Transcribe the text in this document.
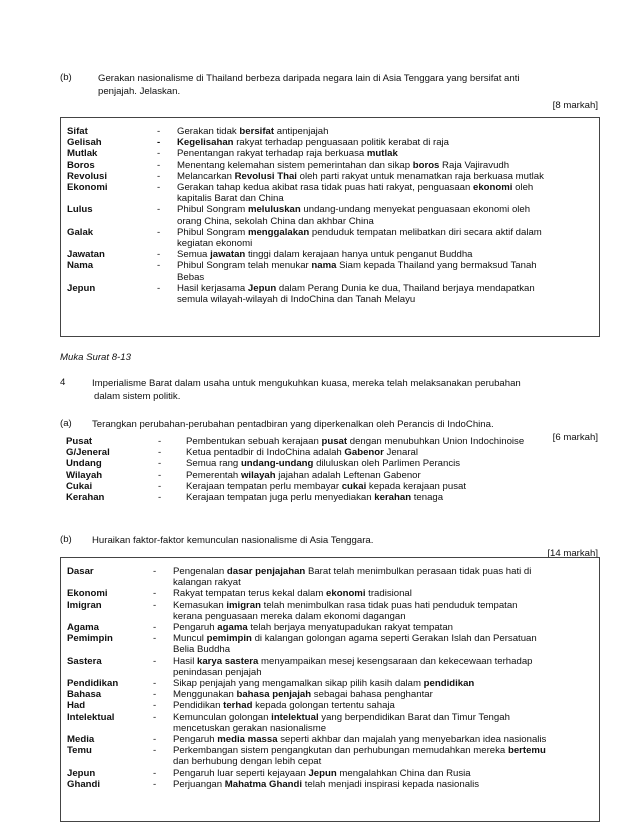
(b)	Gerakan nasionalisme di Thailand berbeza daripada negara lain di Asia Tenggara yang bersifat anti
penjajah. Jelaskan.
[8 markah]
Sifat	- Gerakan tidak bersifat antipenjajah
Gelisah	- Kegelisahan rakyat terhadap penguasaan politik kerabat di raja
Mutlak	- Penentangan rakyat terhadap raja berkuasa mutlak
Boros	- Menentang kelemahan sistem pemerintahan dan sikap boros Raja Vajiravudh
Revolusi	- Melancarkan Revolusi Thai oleh parti rakyat untuk menamatkan raja berkuasa mutlak
Ekonomi	- Gerakan tahap kedua akibat rasa tidak puas hati rakyat, penguasaan ekonomi oleh
kapitalis Barat dan China
Lulus	- Phibul Songram meluluskan undang-undang menyekat penguasaan ekonomi oleh
orang China, sekolah China dan akhbar China
Galak	- Phibul Songram menggalakan penduduk tempatan melibatkan diri secara aktif dalam
kegiatan ekonomi
Jawatan	- Semua jawatan tinggi dalam kerajaan hanya untuk penganut Buddha
Nama	- Phibul Songram telah menukar nama Siam kepada Thailand yang bermaksud Tanah
Bebas
Jepun	- Hasil kerjasama Jepun dalam Perang Dunia ke dua, Thailand berjaya mendapatkan
semula wilayah-wilayah di IndoChina dan Tanah Melayu
Muka Surat 8-13
4	Imperialisme Barat dalam usaha untuk mengukuhkan kuasa, mereka telah melaksanakan perubahan
dalam sistem politik.
(a) Terangkan perubahan-perubahan pentadbiran yang diperkenalkan oleh Perancis di IndoChina.
[6 markah]
Pusat	-	Pembentukan sebuah kerajaan pusat dengan menubuhkan Union Indochinoise
G/Jeneral	-	Ketua pentadbir di IndoChina adalah Gabenor Jenaral
Undang	-	Semua rang undang-undang diluluskan oleh Parlimen Perancis
Wilayah	-	Pemerentah wilayah jajahan adalah Leftenan Gabenor
Cukai	-	Kerajaan tempatan perlu membayar cukai kepada kerajaan pusat
Kerahan	-	Kerajaan tempatan juga perlu menyediakan kerahan tenaga
(b) Huraikan faktor-faktor kemunculan nasionalisme di Asia Tenggara.
[14 markah]
Dasar	- Pengenalan dasar penjajahan Barat telah menimbulkan perasaan tidak puas hati di
kalangan rakyat
Ekonomi	- Rakyat tempatan terus kekal dalam ekonomi tradisional
Imigran	- Kemasukan imigran telah menimbulkan rasa tidak puas hati penduduk tempatan
kerana penguasaan mereka dalam ekonomi dagangan
Agama	- Pengaruh agama telah berjaya menyatupadukan rakyat tempatan
Pemimpin	- Muncul pemimpin di kalangan golongan agama seperti Gerakan Islah dan Persatuan
Belia Buddha
Sastera	- Hasil karya sastera menyampaikan mesej kesengsaraan dan kekecewaan terhadap
penindasan penjajah
Pendidikan	- Sikap penjajah yang mengamalkan sikap pilih kasih dalam pendidikan
Bahasa	- Menggunakan bahasa penjajah sebagai bahasa penghantar
Had	- Pendidikan terhad kepada golongan tertentu sahaja
Intelektual	- Kemunculan golongan intelektual yang berpendidikan Barat dan Timur Tengah
mencetuskan gerakan nasionalisme
Media	- Pengaruh media massa seperti akhbar dan majalah yang menyebarkan idea nasionalis
Temu	- Perkembangan sistem pengangkutan dan perhubungan memudahkan mereka bertemu
dan berhubung dengan lebih cepat
Jepun	- Pengaruh luar seperti kejayaan Jepun mengalahkan China dan Rusia
Ghandi	- Perjuangan Mahatma Ghandi telah menjadi inspirasi kepada nasionalis
